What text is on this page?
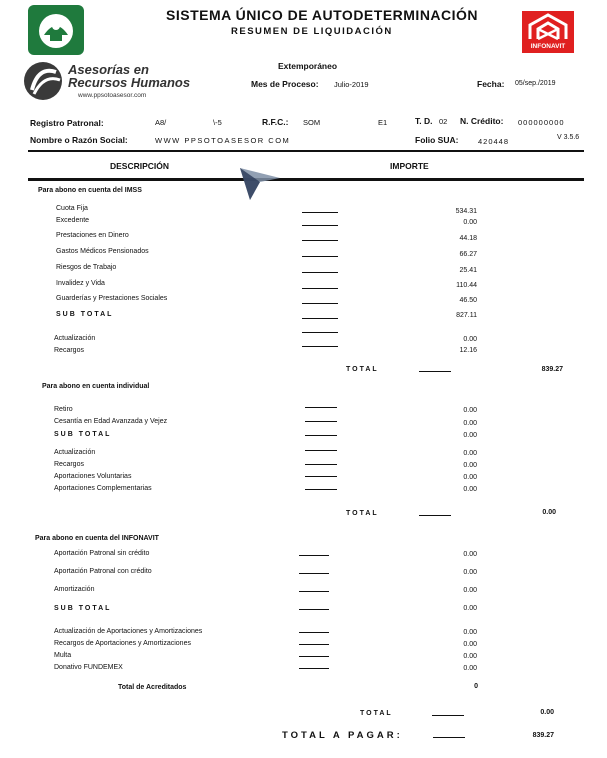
SISTEMA ÚNICO DE AUTODETERMINACIÓN
RESUMEN DE LIQUIDACIÓN
INFONAVIT
Asesorías en
Recursos Humanos
www.ppsotoasesor.com
Extemporáneo
Mes de Proceso: Julio-2019	Fecha: 05/sep./2019
Registro Patronal:	A8/	\-5	R.F.C.: SOM	E1	T. D. 02 N. Crédito: 000000000
Nombre o Razón Social:	WWW PPSOTOASESOR COM	Folio SUA:	420448	V 3.5.6
DESCRIPCIÓN	IMPORTE
Para abono en cuenta del IMSS
Cuota Fija	534.31
Excedente	0.00
Prestaciones en Dinero	44.18
Gastos Médicos Pensionados	66.27
Riesgos de Trabajo	25.41
Invalidez y Vida	110.44
Guarderías y Prestaciones Sociales	46.50
SUB TOTAL	827.11
Actualización	0.00
Recargos	12.16
TOTAL	839.27
Para abono en cuenta individual
Retiro	0.00
Cesantía en Edad Avanzada y Vejez	0.00
SUB TOTAL	0.00
Actualización	0.00
Recargos	0.00
Aportaciones Voluntarias	0.00
Aportaciones Complementarias	0.00
TOTAL	0.00
Para abono en cuenta del INFONAVIT
Aportación Patronal sin crédito	0.00
Aportación Patronal con crédito	0.00
Amortización	0.00
SUB TOTAL	0.00
Actualización de Aportaciones y Amortizaciones	0.00
Recargos de Aportaciones y Amortizaciones	0.00
Multa	0.00
Donativo FUNDEMEX	0.00
Total de Acreditados	0
TOTAL	0.00
TOTAL A PAGAR:	839.27
